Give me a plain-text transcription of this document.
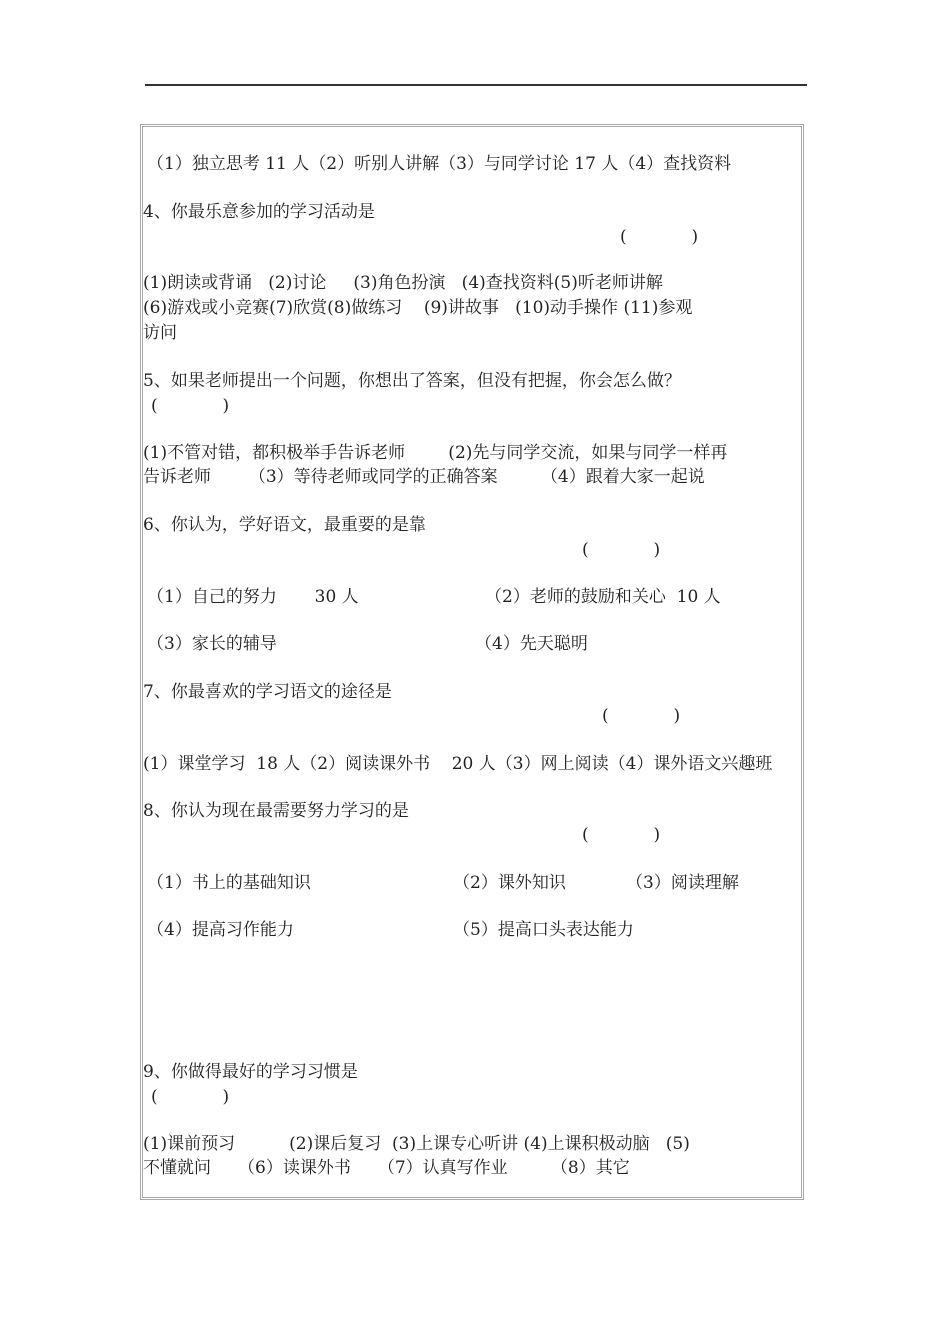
（1）独立思考 11 人（2）听别人讲解（3）与同学讨论 17 人（4）查找资料
4、你最乐意参加的学习活动是
(            )
(1)朗读或背诵   (2)讨论     (3)角色扮演   (4)查找资料(5)听老师讲解
(6)游戏或小竞赛(7)欣赏(8)做练习    (9)讲故事   (10)动手操作 (11)参观
访问
5、如果老师提出一个问题，你想出了答案，但没有把握，你会怎么做？
(            )
(1)不管对错，都积极举手告诉老师        (2)先与同学交流，如果与同学一样再
告诉老师       （3）等待老师或同学的正确答案        （4）跟着大家一起说
6、你认为，学好语文，最重要的是靠
(            )
（1）自己的努力       30 人	（2）老师的鼓励和关心  10 人
（3）家长的辅导	（4）先天聪明
7、你最喜欢的学习语文的途径是
(            )
(1）课堂学习  18 人（2）阅读课外书    20 人（3）网上阅读（4）课外语文兴趣班
8、你认为现在最需要努力学习的是
(            )
（1）书上的基础知识	（2）课外知识	（3）阅读理解
（4）提高习作能力	（5）提高口头表达能力
9、你做得最好的学习习惯是
(            )
(1)课前预习          (2)课后复习  (3)上课专心听讲 (4)上课积极动脑   (5)
不懂就问     （6）读课外书     （7）认真写作业        （8）其它
